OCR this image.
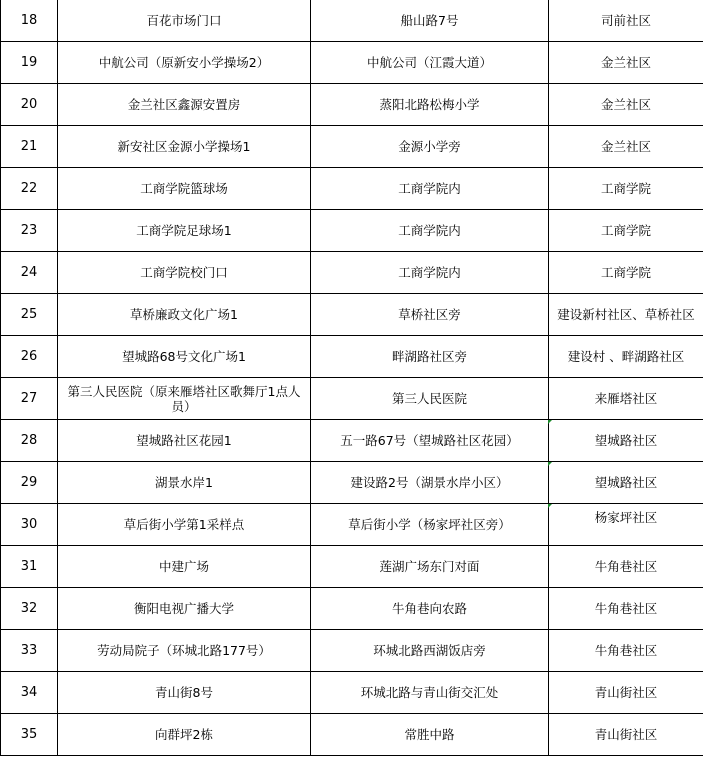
18	百花市场门口	船山路7号	司前社区
19	中航公司（原新安小学操场2）	中航公司（江霞大道）	金兰社区
20	金兰社区鑫源安置房	蒸阳北路松梅小学	金兰社区
21	新安社区金源小学操场1	金源小学旁	金兰社区
22	工商学院篮球场	工商学院内	工商学院
23	工商学院足球场1	工商学院内	工商学院
24	工商学院校门口	工商学院内	工商学院
25	草桥廉政文化广场1	草桥社区旁	建设新村社区、草桥社区
26	望城路68号文化广场1	畔湖路社区旁	建设村 、畔湖路社区
27	第三人民医院（原来雁塔社区歌舞厅1点人员）	第三人民医院	来雁塔社区
28	望城路社区花园1	五一路67号（望城路社区花园）	望城路社区
29	湖景水岸1	建设路2号（湖景水岸小区）	望城路社区
30	草后街小学第1采样点	草后街小学（杨家坪社区旁）	杨家坪社区
31	中建广场	莲湖广场东门对面	牛角巷社区
32	衡阳电视广播大学	牛角巷向农路	牛角巷社区
33	劳动局院子（环城北路177号）	环城北路西湖饭店旁	牛角巷社区
34	青山街8号	环城北路与青山街交汇处	青山街社区
35	向群坪2栋	常胜中路	青山街社区
